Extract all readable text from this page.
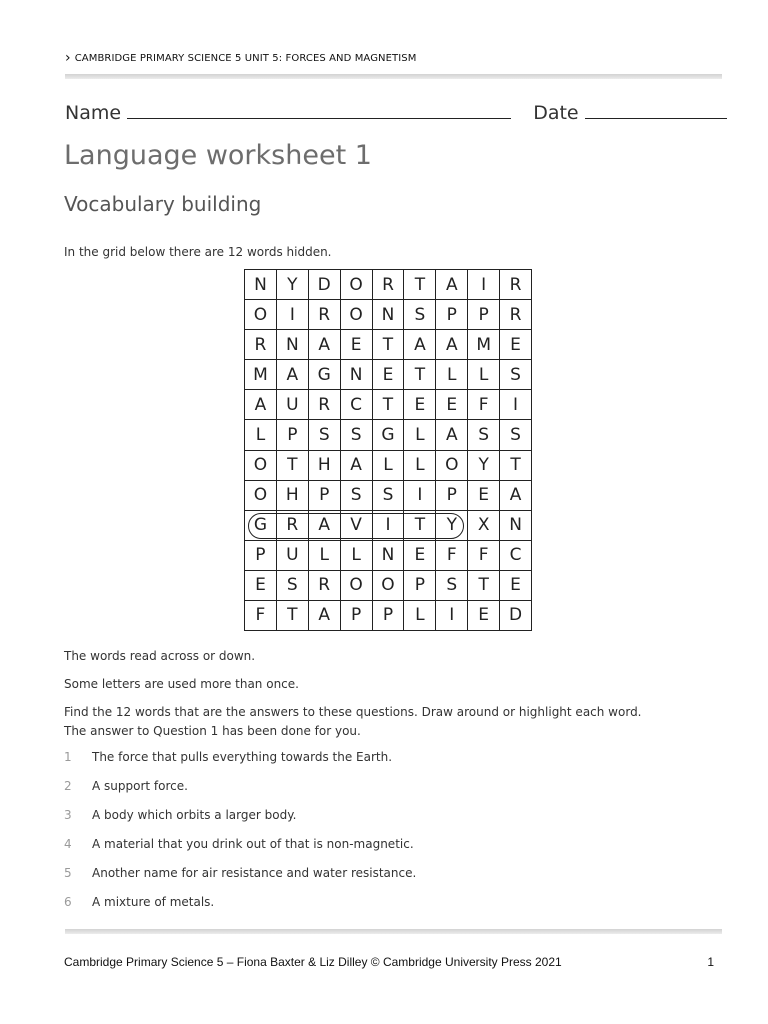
› CAMBRIDGE PRIMARY SCIENCE 5 UNIT 5: FORCES AND MAGNETISM
Name	Date
Language worksheet 1
Vocabulary building
In the grid below there are 12 words hidden.
N	Y	D	O	R	T	A	I	R
O	I	R	O	N	S	P	P	R
R	N	A	E	T	A	A	M	E
M	A	G	N	E	T	L	L	S
A	U	R	C	T	E	E	F	I
L	P	S	S	G	L	A	S	S
O	T	H	A	L	L	O	Y	T
O	H	P	S	S	I	P	E	A
G	R	A	V	I	T	Y	X	N
P	U	L	L	N	E	F	F	C
E	S	R	O	O	P	S	T	E
F	T	A	P	P	L	I	E	D
The words read across or down.
Some letters are used more than once.
Find the 12 words that are the answers to these questions. Draw around or highlight each word.
The answer to Question 1 has been done for you.
1	The force that pulls everything towards the Earth.
2	A support force.
3	A body which orbits a larger body.
4	A material that you drink out of that is non-magnetic.
5	Another name for air resistance and water resistance.
6	A mixture of metals.
Cambridge Primary Science 5 – Fiona Baxter & Liz Dilley © Cambridge University Press 2021	1
